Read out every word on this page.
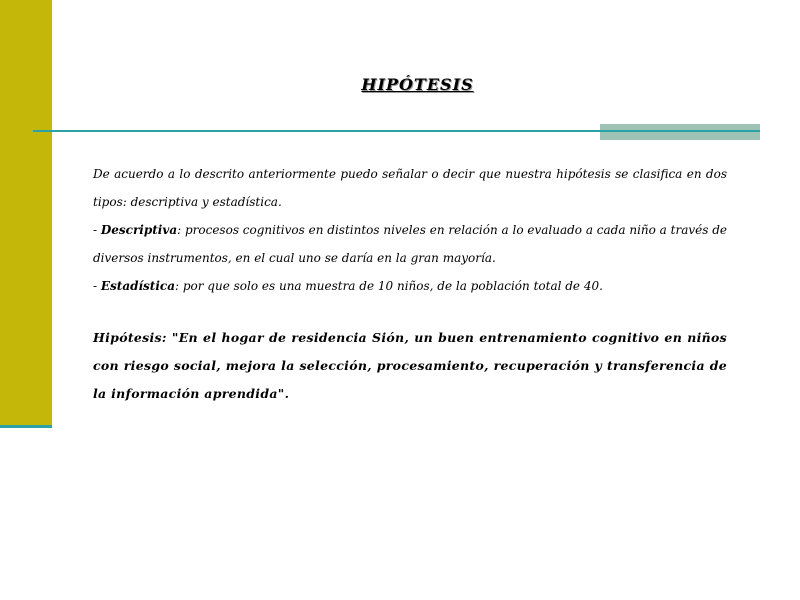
HIPÓTESIS

De acuerdo a lo descrito anteriormente puedo señalar o decir que nuestra hipótesis se clasifica en dos tipos: descriptiva y estadística.

- Descriptiva: procesos cognitivos en distintos niveles en relación a lo evaluado a cada niño a través de diversos instrumentos, en el cual uno se daría en la gran mayoría.

- Estadística: por que solo es una muestra de 10 niños, de la población total de 40.

Hipótesis: "En el hogar de residencia Sión, un buen entrenamiento cognitivo en niños con riesgo social, mejora la selección, procesamiento, recuperación y transferencia de la información aprendida".
